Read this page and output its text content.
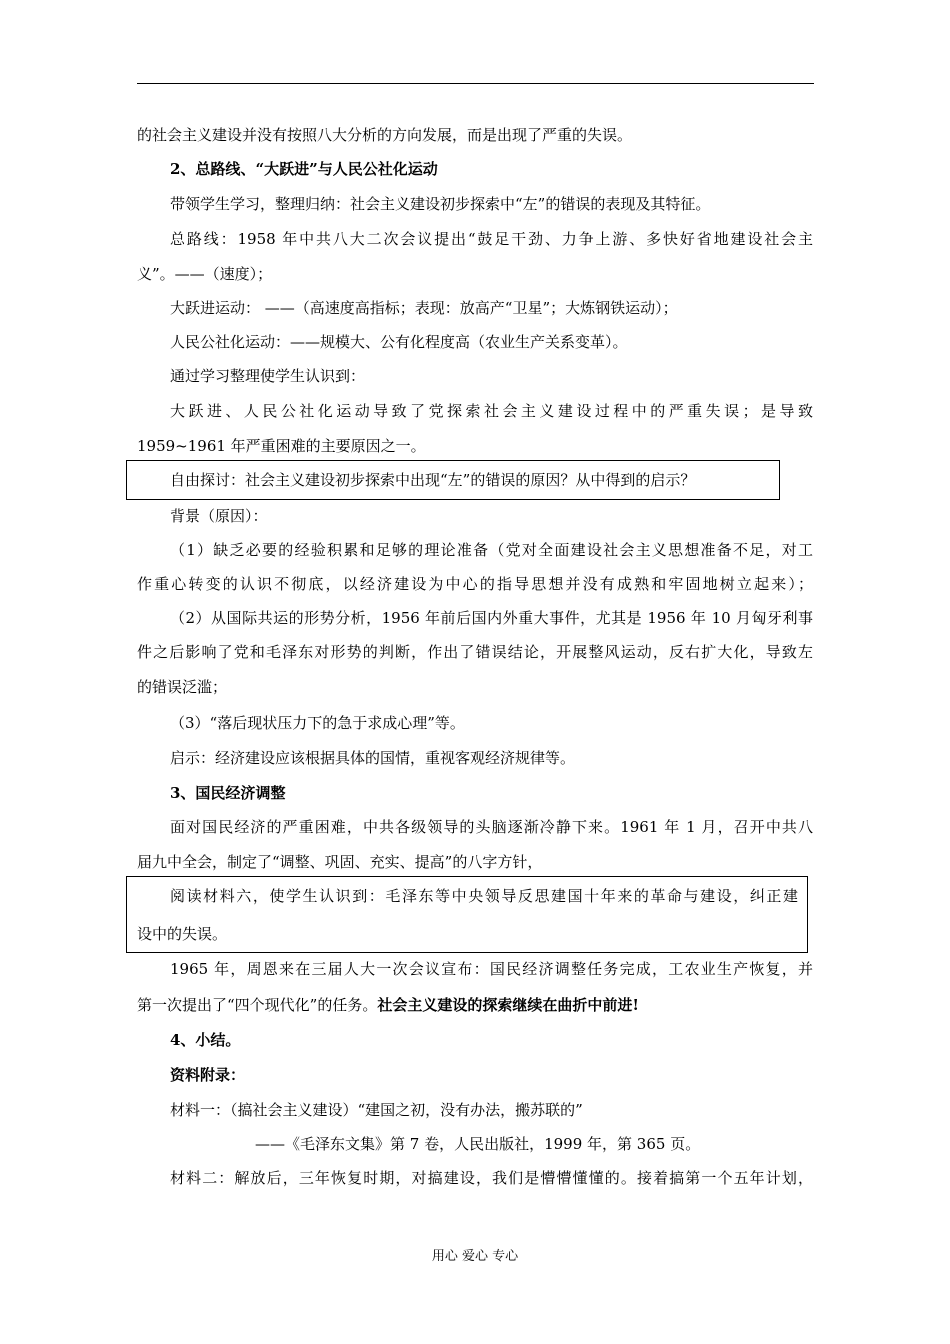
的社会主义建设并没有按照八大分析的方向发展，而是出现了严重的失误。
2、总路线、“大跃进”与人民公社化运动
带领学生学习，整理归纳：社会主义建设初步探索中“左”的错误的表现及其特征。
总路线：1958 年中共八大二次会议提出“鼓足干劲、力争上游、多快好省地建设社会主
义”。——（速度）；
大跃进运动： ——（高速度高指标；表现：放高产“卫星”；大炼钢铁运动）；
人民公社化运动：——规模大、公有化程度高（农业生产关系变革）。
通过学习整理使学生认识到：
大跃进、人民公社化运动导致了党探索社会主义建设过程中的严重失误；是导致
1959~1961 年严重困难的主要原因之一。
自由探讨：社会主义建设初步探索中出现“左”的错误的原因？从中得到的启示？
背景（原因）：
（1）缺乏必要的经验积累和足够的理论准备（党对全面建设社会主义思想准备不足，对工
作重心转变的认识不彻底，以经济建设为中心的指导思想并没有成熟和牢固地树立起来）；
（2）从国际共运的形势分析，1956 年前后国内外重大事件，尤其是 1956 年 10 月匈牙利事
件之后影响了党和毛泽东对形势的判断，作出了错误结论，开展整风运动，反右扩大化，导致左
的错误泛滥；
（3）“落后现状压力下的急于求成心理”等。
启示：经济建设应该根据具体的国情，重视客观经济规律等。
3、国民经济调整
面对国民经济的严重困难，中共各级领导的头脑逐渐冷静下来。1961 年 1 月，召开中共八
届九中全会，制定了“调整、巩固、充实、提高”的八字方针，
阅读材料六，使学生认识到：毛泽东等中央领导反思建国十年来的革命与建设，纠正建
设中的失误。
1965 年，周恩来在三届人大一次会议宣布：国民经济调整任务完成，工农业生产恢复，并
第一次提出了“四个现代化”的任务。社会主义建设的探索继续在曲折中前进!
4、小结。
资料附录：
材料一：（搞社会主义建设）“建国之初，没有办法，搬苏联的”
——《毛泽东文集》第 7 卷，人民出版社，1999 年，第 365 页。
材料二：解放后，三年恢复时期，对搞建设，我们是懵懵懂懂的。接着搞第一个五年计划，
用心 爱心 专心
